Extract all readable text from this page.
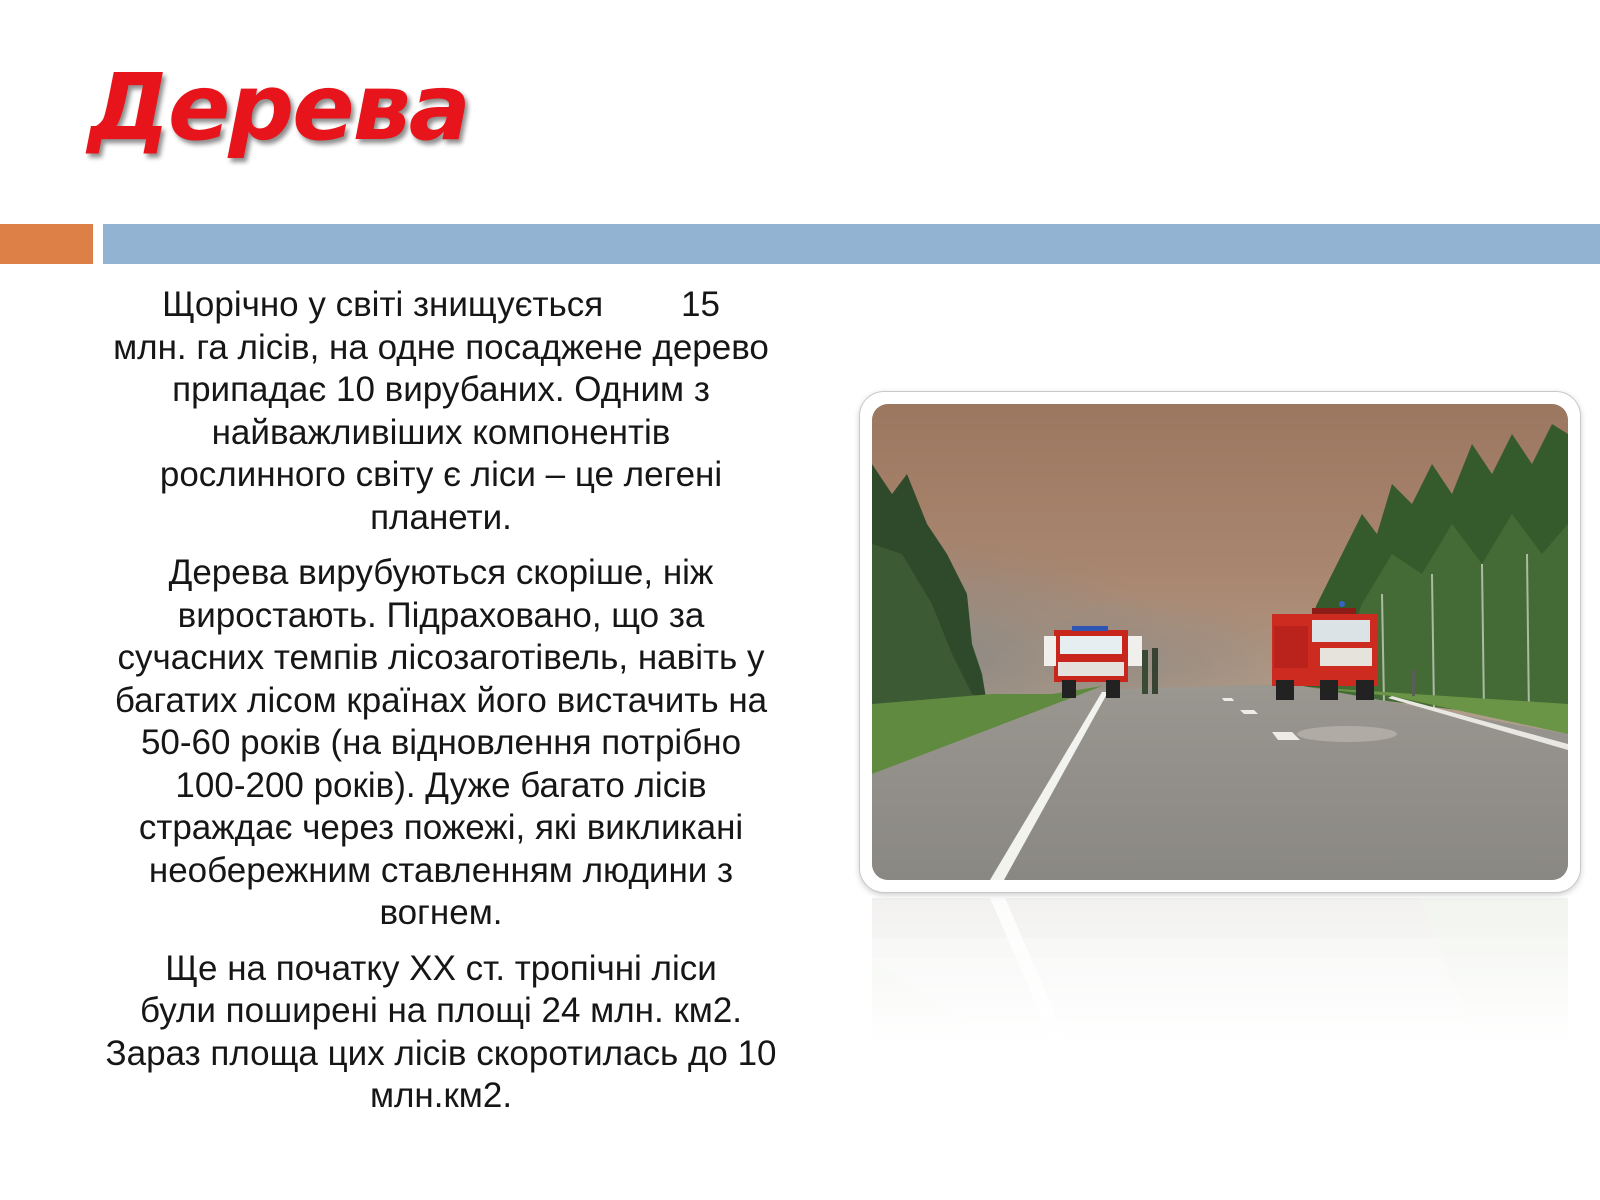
Дерева

Щорічно у світі знищується        15
млн. га лісів, на одне посаджене дерево
припадає 10 вирубаних. Одним з
найважливіших компонентів
рослинного світу є ліси – це легені
планети.

Дерева вирубуються скоріше, ніж
виростають. Підраховано, що за
сучасних темпів лісозаготівель, навіть у
багатих лісом країнах його вистачить на
50-60 років (на відновлення потрібно
100-200 років). Дуже багато лісів
страждає через пожежі, які викликані
необережним ставленням людини з
вогнем.

Ще на початку ХХ ст. тропічні ліси
були поширені на площі 24 млн. км2.
Зараз площа цих лісів скоротилась до 10
млн.км2.
